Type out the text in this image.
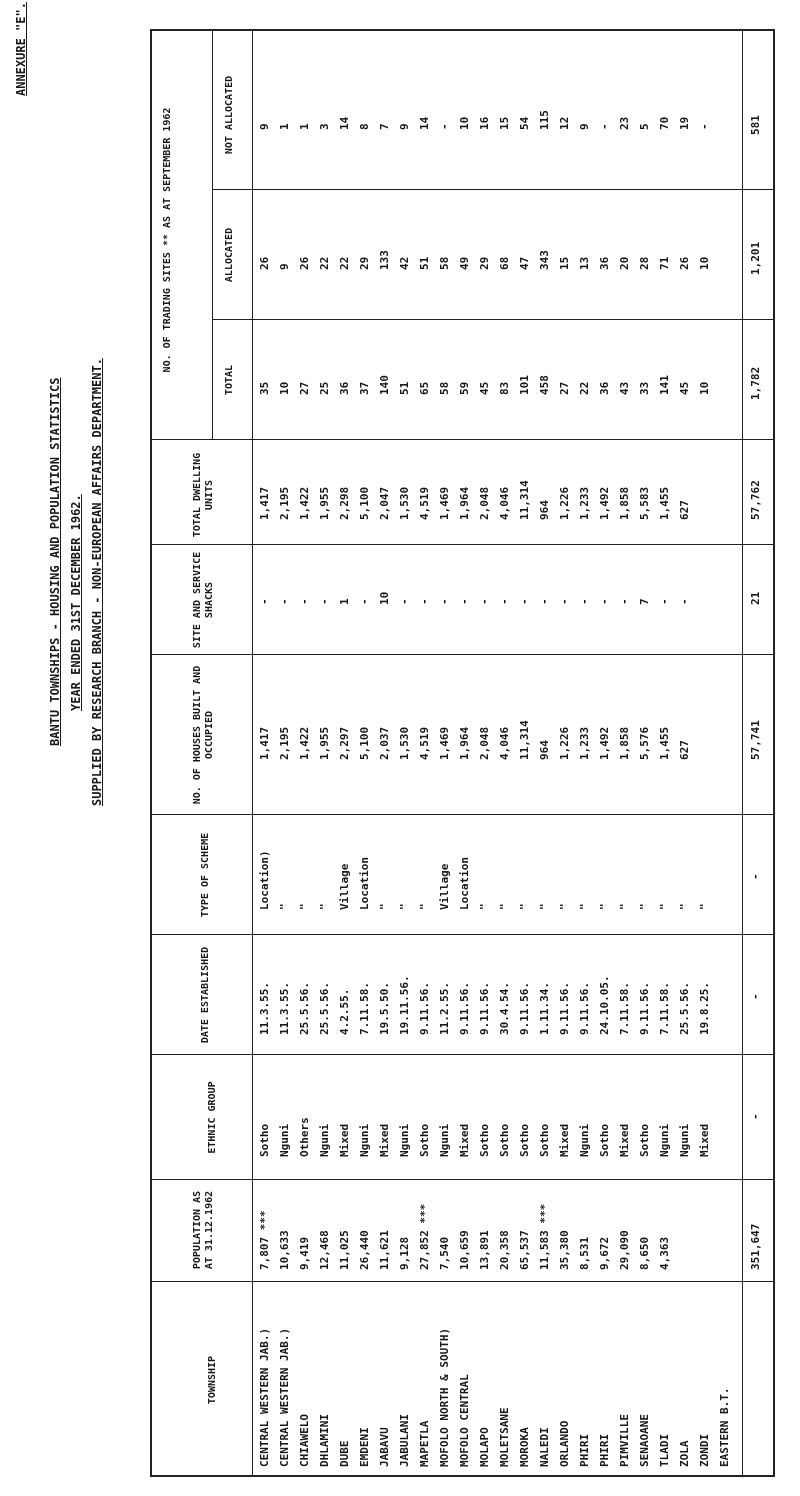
ANNEXURE "E".
BANTU TOWNSHIPS - HOUSING AND POPULATION STATISTICS YEAR ENDED 31ST DECEMBER 1962. SUPPLIED BY RESEARCH BRANCH - NON-EUROPEAN AFFAIRS DEPARTMENT.
TOWNSHIP
POPULATION AS AT 31.12.1962
ETHNIC GROUP
DATE ESTABLISHED
TYPE OF SCHEME
NO. OF HOUSES BUILT AND OCCUPIED
SITE AND SERVICE SHACKS
TOTAL DWELLING UNITS
NO. OF TRADING SITES ** AS AT SEPTEMBER 1962
TOTAL
ALLOCATED
NOT ALLOCATED
CENTRAL WESTERN JAB.)
7,807 ***
Sotho
11.3.55.
Location)
1,417
-
1,417
35
26
9
CENTRAL WESTERN JAB.)
10,633
Nguni
11.3.55.
"
2,195
-
2,195
10
9
1
CHIAWELO
9,419
Others
25.5.56.
"
1,422
-
1,422
27
26
1
DHLAMINI
12,468
Nguni
25.5.56.
"
1,955
-
1,955
25
22
3
DUBE
11,025
Mixed
4.2.55.
Village
2,297
1
2,298
36
22
14
EMDENI
26,440
Nguni
7.11.58.
Location
5,100
-
5,100
37
29
8
JABAVU
11,621
Mixed
19.5.50.
"
2,037
10
2,047
140
133
7
JABULANI
9,128
Nguni
19.11.56.
"
1,530
-
1,530
51
42
9
MAPETLA
27,852 ***
Sotho
9.11.56.
"
4,519
-
4,519
65
51
14
MOFOLO NORTH & SOUTH)
7,540
Nguni
11.2.55.
Village
1,469
-
1,469
58
58
-
MOFOLO CENTRAL
10,659
Mixed
9.11.56.
Location
1,964
-
1,964
59
49
10
MOLAPO
13,891
Sotho
9.11.56.
"
2,048
-
2,048
45
29
16
MOLETSANE
20,358
Sotho
30.4.54.
"
4,046
-
4,046
83
68
15
MOROKA
65,537
Sotho
9.11.56.
"
11,314
-
11,314
101
47
54
NALEDI
11,583 ***
Sotho
1.11.34.
"
964
-
964
458
343
115
ORLANDO
35,380
Mixed
9.11.56.
"
1,226
-
1,226
27
15
12
PHIRI
8,531
Nguni
9.11.56.
"
1,233
-
1,233
22
13
9
PHIRI
9,672
Sotho
24.10.05.
"
1,492
-
1,492
36
36
-
PIMVILLE
29,090
Mixed
7.11.58.
"
1,858
-
1,858
43
20
23
SENAOANE
8,650
Sotho
9.11.56.
"
5,576
7
5,583
33
28
5
TLADI
4,363
Nguni
7.11.58.
"
1,455
-
1,455
141
71
70
ZOLA
Nguni
25.5.56.
"
627
-
627
45
26
19
ZONDI
Mixed
19.8.25.
"
10
10
-
EASTERN B.T.
351,647
-
-
-
57,741
21
57,762
1,782
1,201
581
